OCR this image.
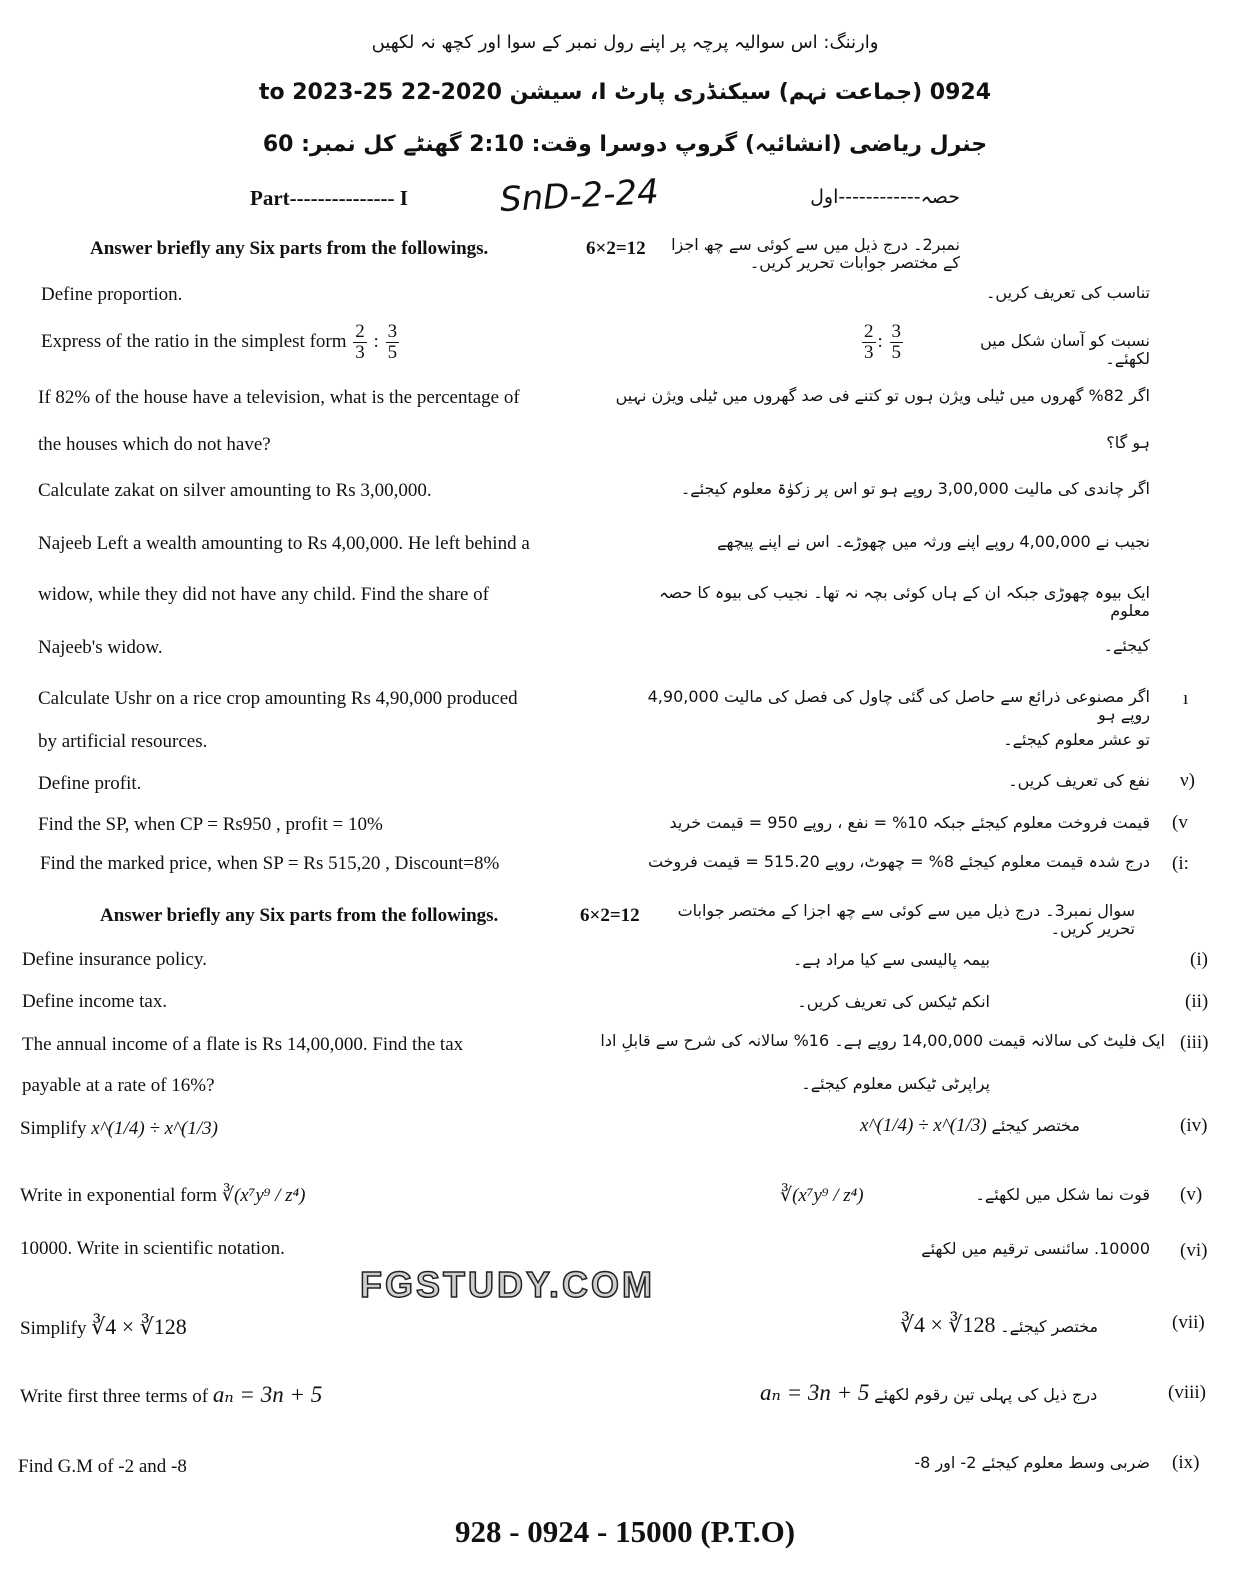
وارننگ: اس سوالیہ پرچہ پر اپنے رول نمبر کے سوا اور کچھ نہ لکھیں
0924 (جماعت نہم) سیکنڈری پارٹ I، سیشن 2020-22 to 2023-25
جنرل ریاضی (انشائیہ) گروپ دوسرا وقت: 2:10 گھنٹے کل نمبر: 60
Part--------------- I	حصہ------------اول
SnD-2-24
Answer briefly any Six parts from the followings.	6×2=12	نمبر2۔ درج ذیل میں سے کوئی سے چھ اجزا کے مختصر جوابات تحریر کریں۔
Define proportion.	تناسب کی تعریف کریں۔
Express of the ratio in the simplest form $\frac{2}{3}$ : $\frac{3}{5}$	$\frac{2}{3}$ : $\frac{3}{5}$	نسبت کو آسان شکل میں لکھئے۔
If 82% of the house have a television, what is the percentage of
the houses which do not have?
اگر 82% گھروں میں ٹیلی ویژن ہوں تو کتنے فی صد گھروں میں ٹیلی ویژن نہیں
ہو گا؟
Calculate zakat on silver amounting to Rs 3,00,000.	اگر چاندی کی مالیت 3,00,000 روپے ہو تو اس پر زکوٰۃ معلوم کیجئے۔
Najeeb Left a wealth amounting to Rs 4,00,000. He left behind a
widow, while they did not have any child. Find the share of
Najeeb's widow.
نجیب نے 4,00,000 روپے اپنے ورثہ میں چھوڑے۔ اس نے اپنے پیچھے
ایک بیوہ چھوڑی جبکہ ان کے ہاں کوئی بچہ نہ تھا۔ نجیب کی بیوہ کا حصہ معلوم
کیجئے۔
Calculate Ushr on a rice crop amounting Rs 4,90,000 produced
by artificial resources.
اگر مصنوعی ذرائع سے حاصل کی گئی چاول کی فصل کی مالیت 4,90,000 روپے ہو
تو عشر معلوم کیجئے۔
ı
Define profit.	نفع کی تعریف کریں۔ ν)
Find the SP, when CP = Rs950 , profit = 10%	قیمت فروخت معلوم کیجئے جبکہ 10% = نفع ، روپے 950 = قیمت خرید (v
Find the marked price, when SP = Rs 515,20 , Discount=8%	درج شدہ قیمت معلوم کیجئے 8% = چھوٹ، روپے 515.20 = قیمت فروخت (i:
Answer briefly any Six parts from the followings.	6×2=12	سوال نمبر3۔ درج ذیل میں سے کوئی سے چھ اجزا کے مختصر جوابات تحریر کریں۔
Define insurance policy.	بیمہ پالیسی سے کیا مراد ہے۔	(i)
Define income tax.	انکم ٹیکس کی تعریف کریں۔	(ii)
The annual income of a flate is Rs 14,00,000. Find the tax
payable at a rate of 16%?
ایک فلیٹ کی سالانہ قیمت 14,00,000 روپے ہے۔ 16% سالانہ کی شرح سے قابلِ ادا
پراپرٹی ٹیکس معلوم کیجئے۔
(iii)
Simplify x^(1/4) ÷ x^(1/3)	x^(1/4) ÷ x^(1/3) مختصر کیجئے	(iv)
Write in exponential form ∛(x⁷y⁹ / z⁴)	∛(x⁷y⁹ / z⁴)	قوت نما شکل میں لکھئے۔ (v)
10000. Write in scientific notation.	10000. سائنسی ترقیم میں لکھئے (vi)
FGSTUDY.COM
Simplify ∛4 × ∛128	∛4 × ∛128 مختصر کیجئے۔	(vii)
Write first three terms of aₙ = 3n + 5	aₙ = 3n + 5 درج ذیل کی پہلی تین رقوم لکھئے	(viii)
Find G.M of -2 and -8	ضربی وسط معلوم کیجئے 2- اور 8- (ix)
928 - 0924 - 15000 (P.T.O)
